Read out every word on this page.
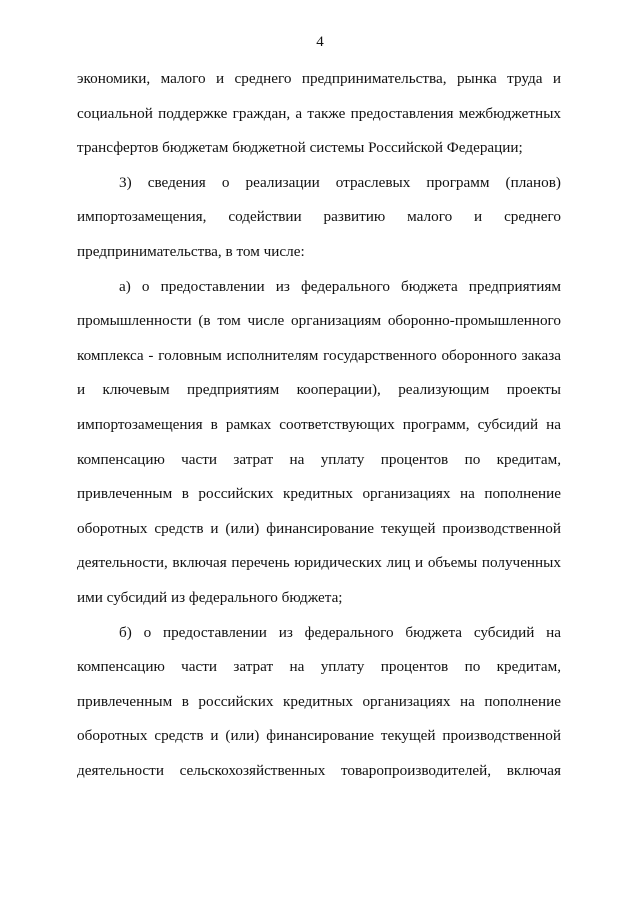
4

экономики, малого и среднего предпринимательства, рынка труда и
социальной поддержке граждан, а также предоставления межбюджетных
трансфертов бюджетам бюджетной системы Российской Федерации;

3) сведения о реализации отраслевых программ (планов)
импортозамещения, содействии развитию малого и среднего
предпринимательства, в том числе:

а) о предоставлении из федерального бюджета предприятиям
промышленности (в том числе организациям оборонно-промышленного
комплекса - головным исполнителям государственного оборонного заказа
и ключевым предприятиям кооперации), реализующим проекты
импортозамещения в рамках соответствующих программ, субсидий на
компенсацию части затрат на уплату процентов по кредитам,
привлеченным в российских кредитных организациях на пополнение
оборотных средств и (или) финансирование текущей производственной
деятельности, включая перечень юридических лиц и объемы полученных
ими субсидий из федерального бюджета;

б) о предоставлении из федерального бюджета субсидий на
компенсацию части затрат на уплату процентов по кредитам,
привлеченным в российских кредитных организациях на пополнение
оборотных средств и (или) финансирование текущей производственной
деятельности сельскохозяйственных товаропроизводителей, включая
